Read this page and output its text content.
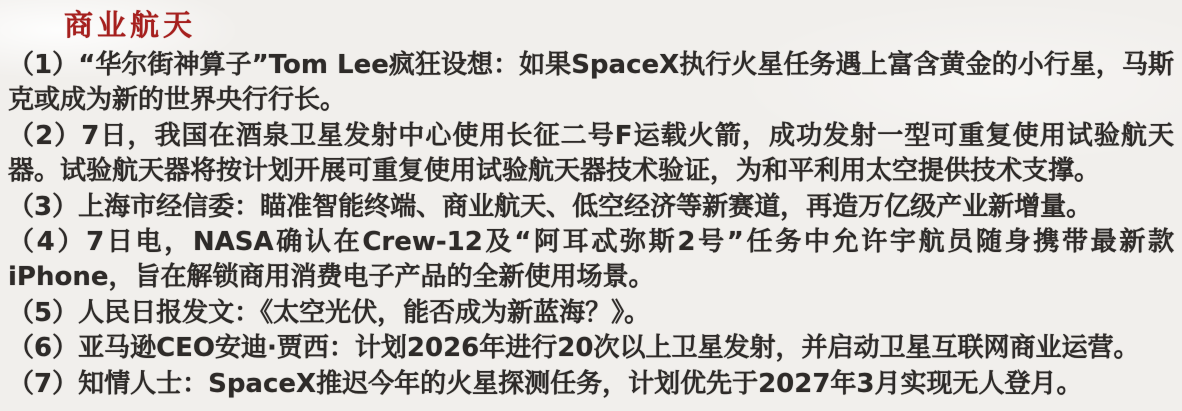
商业航天

（1）“华尔街神算子”Tom Lee疯狂设想：如果SpaceX执行火星任务遇上富含黄金的小行星，马斯克或成为新的世界央行行长。

（2）7日，我国在酒泉卫星发射中心使用长征二号F运载火箭，成功发射一型可重复使用试验航天器。试验航天器将按计划开展可重复使用试验航天器技术验证，为和平利用太空提供技术支撑。

（3）上海市经信委：瞄准智能终端、商业航天、低空经济等新赛道，再造万亿级产业新增量。

（4）7日电，NASA确认在Crew-12及“阿耳忒弥斯2号”任务中允许宇航员随身携带最新款iPhone，旨在解锁商用消费电子产品的全新使用场景。

（5）人民日报发文：《太空光伏，能否成为新蓝海？》。

（6）亚马逊CEO安迪·贾西：计划2026年进行20次以上卫星发射，并启动卫星互联网商业运营。

（7）知情人士：SpaceX推迟今年的火星探测任务，计划优先于2027年3月实现无人登月。
